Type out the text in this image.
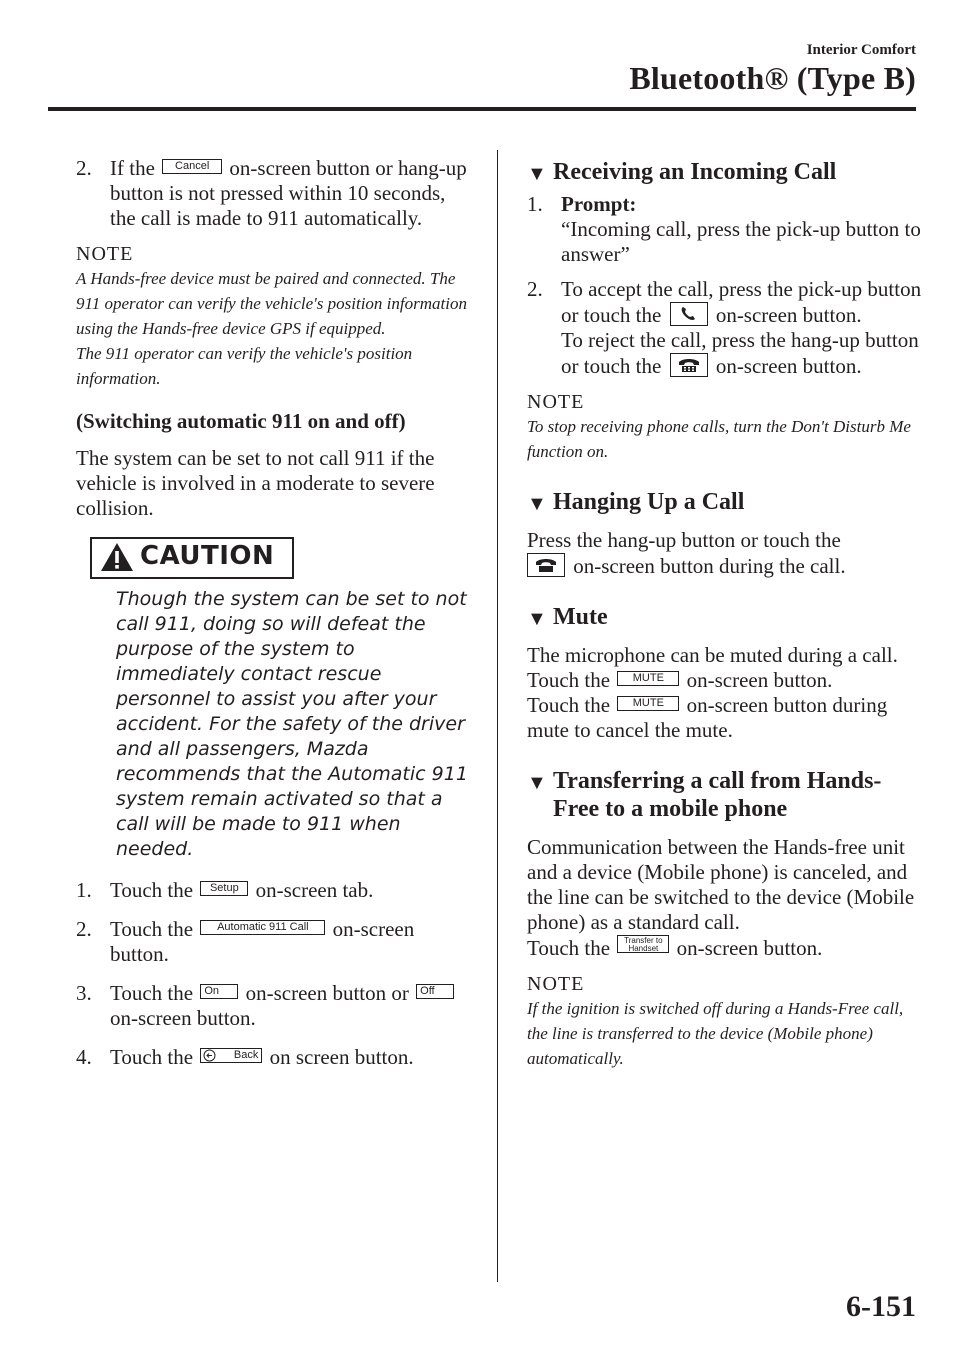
Interior Comfort
Bluetooth® (Type B)
2. If the Cancel on-screen button or hang-up button is not pressed within 10 seconds, the call is made to 911 automatically.

NOTE

A Hands-free device must be paired and connected. The 911 operator can verify the vehicle's position information using the Hands-free device GPS if equipped.

The 911 operator can verify the vehicle's position information.

(Switching automatic 911 on and off)

The system can be set to not call 911 if the vehicle is involved in a moderate to severe collision.

CAUTION

Though the system can be set to not call 911, doing so will defeat the purpose of the system to immediately contact rescue personnel to assist you after your accident. For the safety of the driver and all passengers, Mazda recommends that the Automatic 911 system remain activated so that a call will be made to 911 when needed.

1. Touch the Setup on-screen tab.
2. Touch the Automatic 911 Call on-screen button.
3. Touch the On on-screen button or Off on-screen button.
4. Touch the	Back on screen button.
▼ Receiving an Incoming Call
1. Prompt:
“Incoming call, press the pick-up button to answer”
2. To accept the call, press the pick-up button or touch the	on-screen button.
To reject the call, press the hang-up button or touch the	on-screen button.

NOTE

To stop receiving phone calls, turn the Don't Disturb Me function on.

▼ Hanging Up a Call

Press the hang-up button or touch the

on-screen button during the call.

▼ Mute

The microphone can be muted during a call.
Touch the MUTE on-screen button.
Touch the MUTE on-screen button during mute to cancel the mute.

▼ Transferring a call from Hands-Free to a mobile phone

Communication between the Hands-free unit and a device (Mobile phone) is canceled, and the line can be switched to the device (Mobile phone) as a standard call.
Touch the Transfer to
Handset on-screen button.

NOTE

If the ignition is switched off during a Hands-Free call, the line is transferred to the device (Mobile phone) automatically.

6-151
